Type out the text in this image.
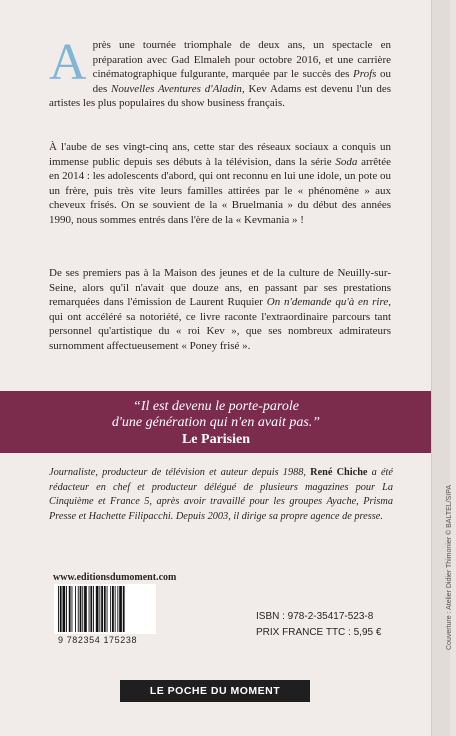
Après une tournée triomphale de deux ans, un spectacle en préparation avec Gad Elmaleh pour octobre 2016, et une carrière cinématographique fulgurante, marquée par le succès des Profs ou des Nouvelles Aventures d'Aladin, Kev Adams est devenu l'un des artistes les plus populaires du show business français.

À l'aube de ses vingt-cinq ans, cette star des réseaux sociaux a conquis un immense public depuis ses débuts à la télévision, dans la série Soda arrêtée en 2014 : les adolescents d'abord, qui ont reconnu en lui une idole, un pote ou un frère, puis très vite leurs familles attirées par le « phénomène » aux cheveux frisés. On se souvient de la « Bruelmania » du début des années 1990, nous sommes entrés dans l'ère de la « Kevmania » !

De ses premiers pas à la Maison des jeunes et de la culture de Neuilly-sur-Seine, alors qu'il n'avait que douze ans, en passant par ses prestations remarquées dans l'émission de Laurent Ruquier On n'demande qu'à en rire, qui ont accéléré sa notoriété, ce livre raconte l'extraordinaire parcours tant personnel qu'artistique du « roi Kev », que ses nombreux admirateurs surnomment affectueusement « Poney frisé ».

“Il est devenu le porte-parole

d'une génération qui n'en avait pas.”

Le Parisien

Journaliste, producteur de télévision et auteur depuis 1988, René Chiche a été rédacteur en chef et producteur délégué de plusieurs magazines pour La Cinquième et France 5, après avoir travaillé pour les groupes Ayache, Prisma Presse et Hachette Filipacchi. Depuis 2003, il dirige sa propre agence de presse.

www.editionsdumoment.com

9 782354 175238

ISBN : 978-2-35417-523-8

PRIX FRANCE TTC : 5,95 €

LE POCHE DU MOMENT
Couverture : Atelier Didier Thimonier © BALTEL/SIPA
